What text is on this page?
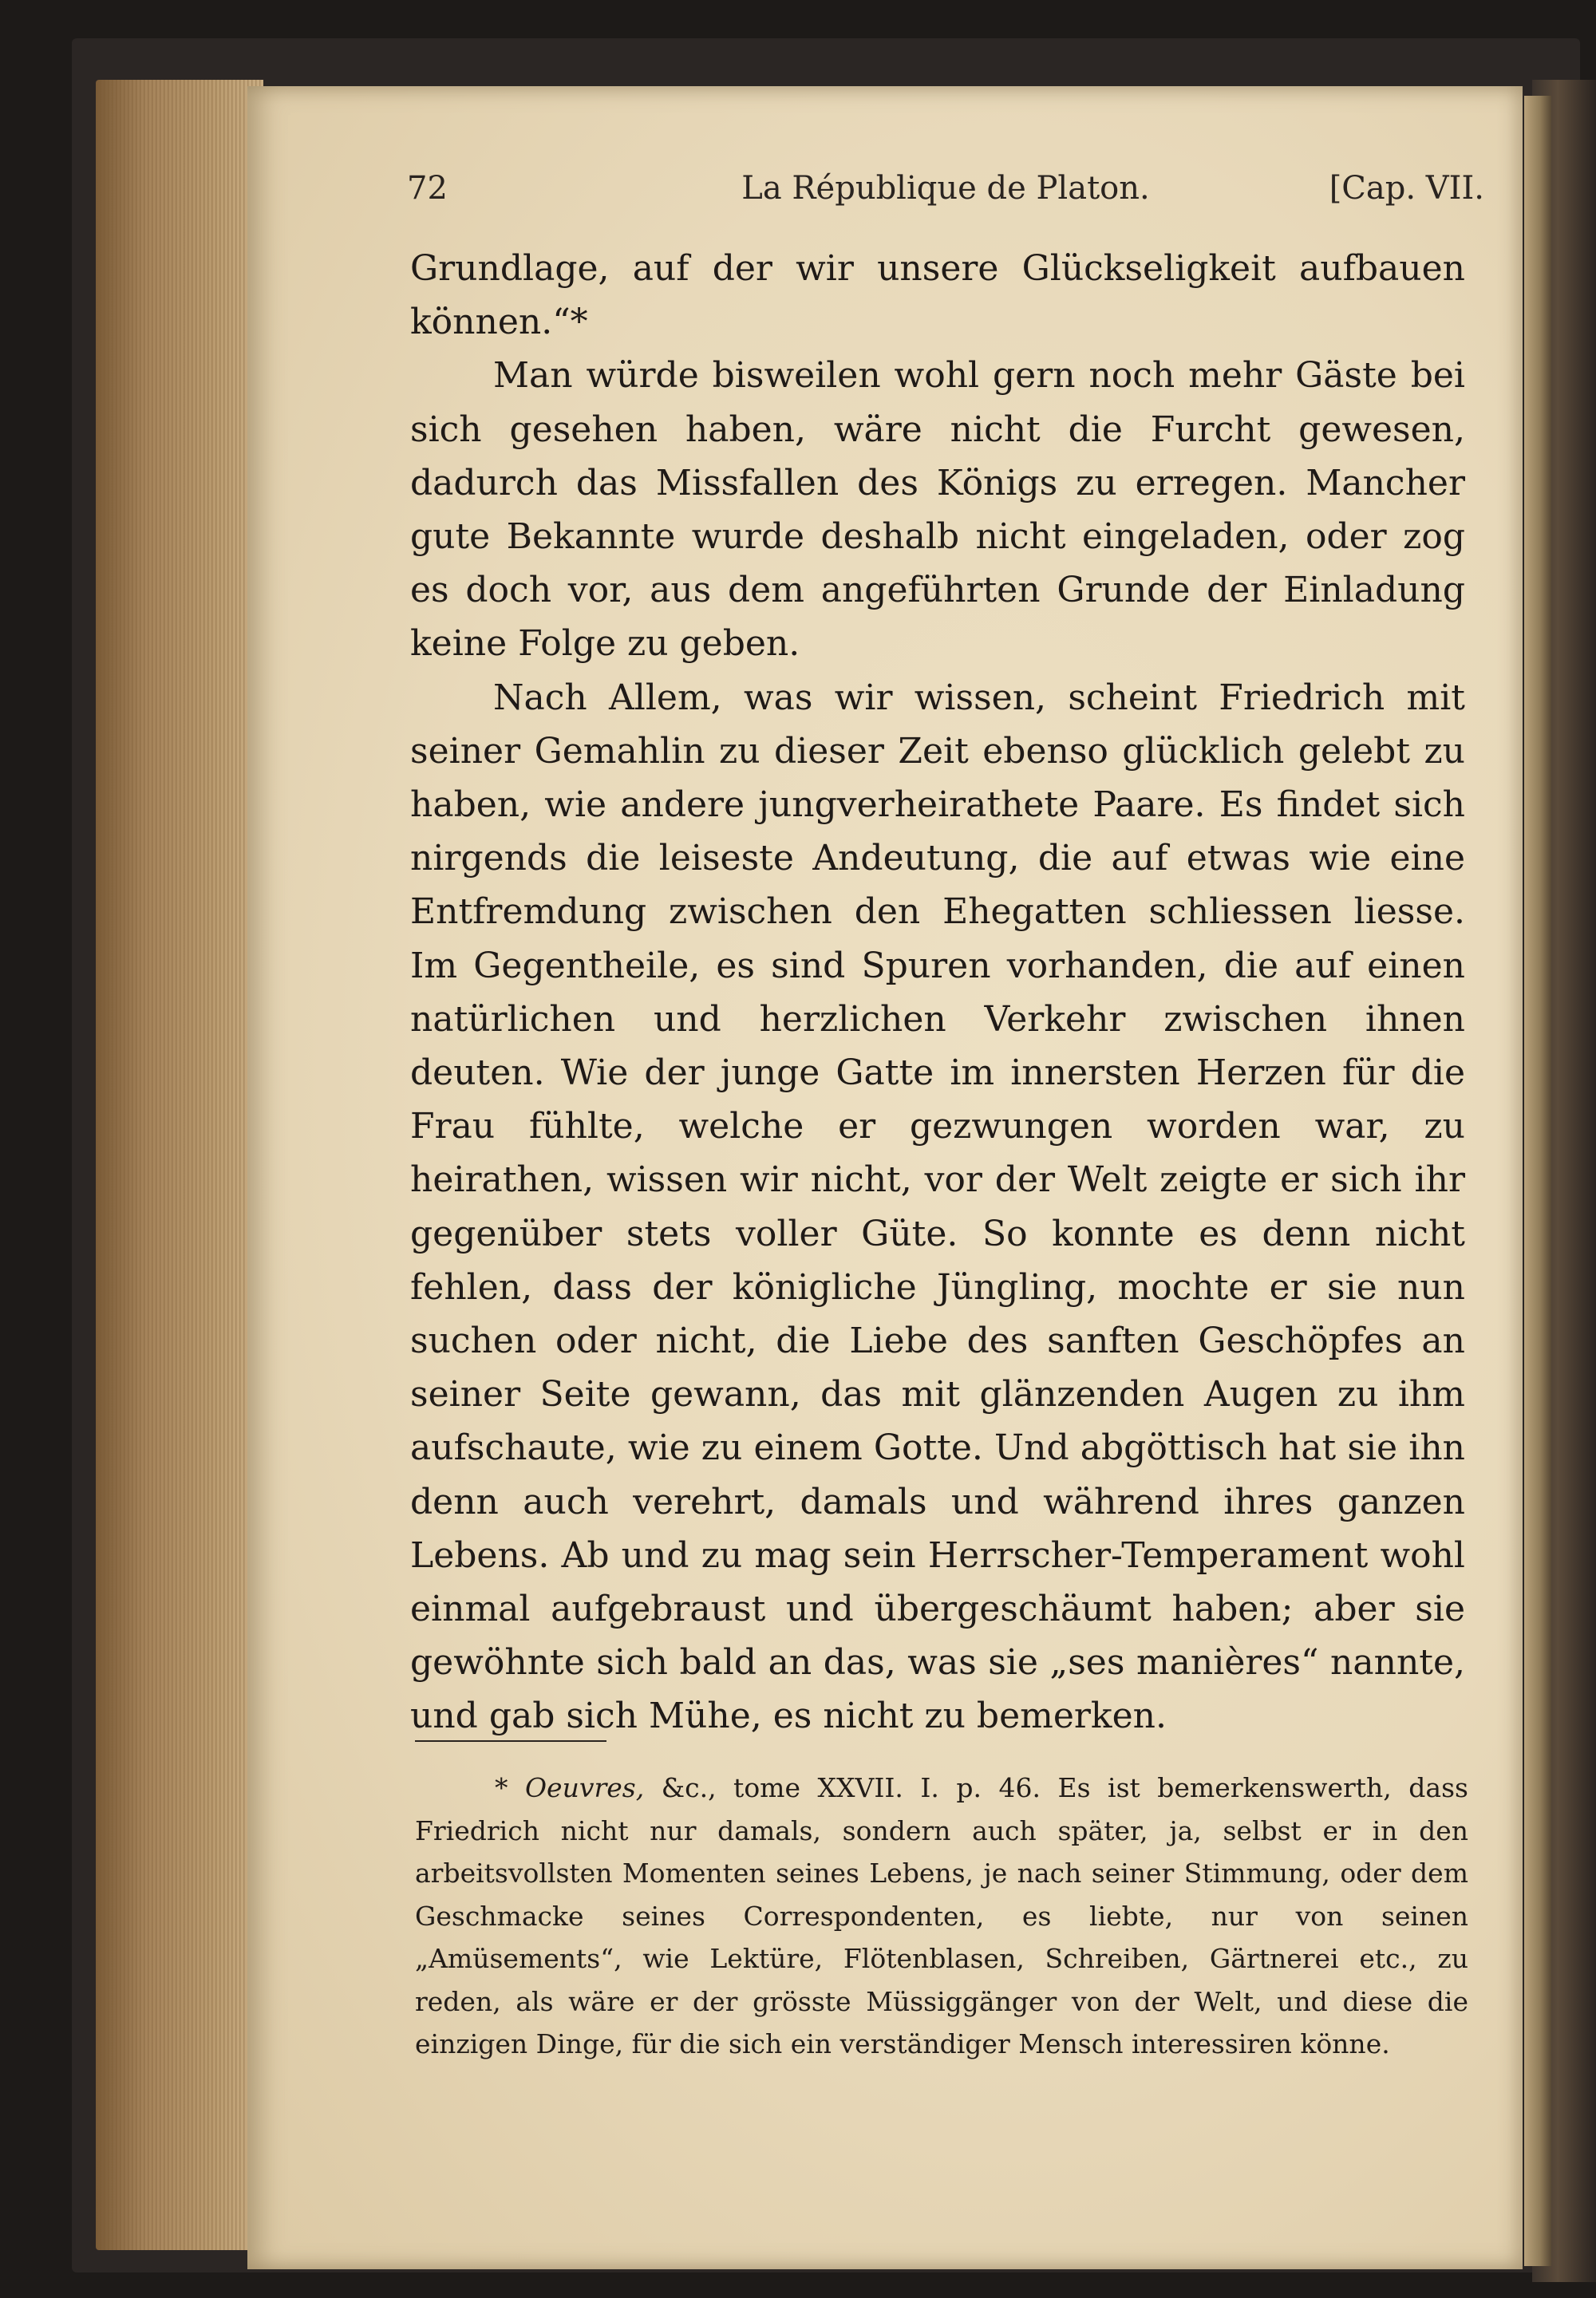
72	La République de Platon.	[Cap. VII.

Grundlage, auf der wir unsere Glückseligkeit aufbauen können.“*

Man würde bisweilen wohl gern noch mehr Gäste bei sich gesehen haben, wäre nicht die Furcht gewesen, dadurch das Missfallen des Königs zu erregen. Mancher gute Bekannte wurde deshalb nicht eingeladen, oder zog es doch vor, aus dem angeführten Grunde der Einladung keine Folge zu geben.

Nach Allem, was wir wissen, scheint Friedrich mit seiner Gemahlin zu dieser Zeit ebenso glücklich gelebt zu haben, wie andere jungverheirathete Paare. Es findet sich nirgends die leiseste Andeutung, die auf etwas wie eine Entfremdung zwischen den Ehegatten schliessen liesse. Im Gegentheile, es sind Spuren vorhanden, die auf einen natürlichen und herzlichen Verkehr zwischen ihnen deuten. Wie der junge Gatte im innersten Herzen für die Frau fühlte, welche er gezwungen worden war, zu heirathen, wissen wir nicht, vor der Welt zeigte er sich ihr gegenüber stets voller Güte. So konnte es denn nicht fehlen, dass der königliche Jüngling, mochte er sie nun suchen oder nicht, die Liebe des sanften Geschöpfes an seiner Seite gewann, das mit glänzenden Augen zu ihm aufschaute, wie zu einem Gotte. Und abgöttisch hat sie ihn denn auch verehrt, damals und während ihres ganzen Lebens. Ab und zu mag sein Herrscher-Temperament wohl einmal aufgebraust und übergeschäumt haben; aber sie gewöhnte sich bald an das, was sie „ses manières“ nannte, und gab sich Mühe, es nicht zu bemerken.

* Oeuvres, &c., tome XXVII. I. p. 46. Es ist bemerkenswerth, dass Friedrich nicht nur damals, sondern auch später, ja, selbst er in den arbeitsvollsten Momenten seines Lebens, je nach seiner Stimmung, oder dem Geschmacke seines Correspondenten, es liebte, nur von seinen „Amüsements“, wie Lektüre, Flötenblasen, Schreiben, Gärtnerei etc., zu reden, als wäre er der grösste Müssiggänger von der Welt, und diese die einzigen Dinge, für die sich ein verständiger Mensch interessiren könne.
